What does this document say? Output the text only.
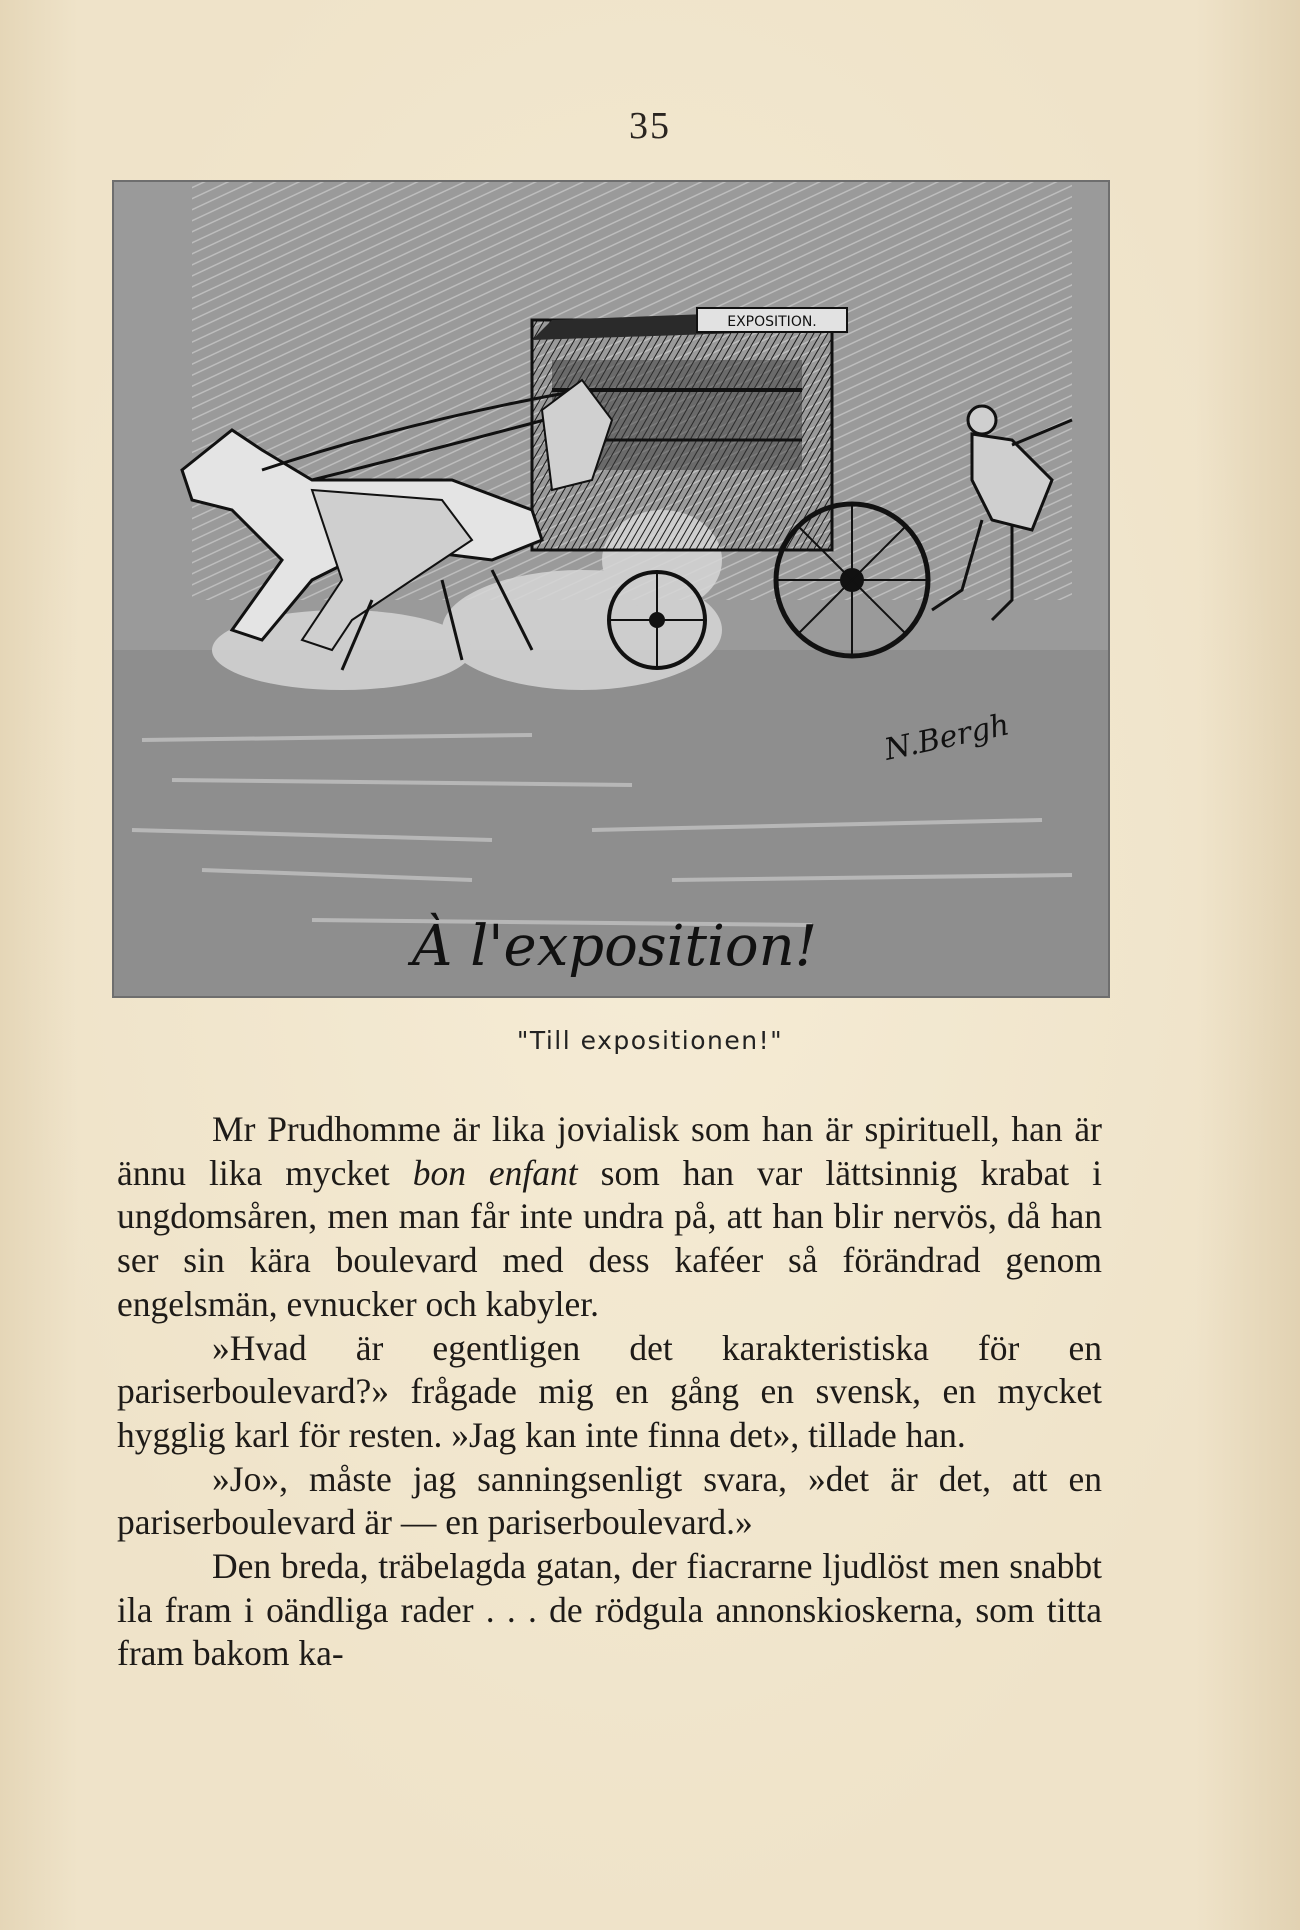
35
EXPOSITION.
N.Bergh
À l'exposition!
"Till expositionen!"

Mr Prudhomme är lika jovialisk som han är spirituell, han är ännu lika mycket bon enfant som han var lättsinnig krabat i ungdomsåren, men man får inte undra på, att han blir nervös, då han ser sin kära boulevard med dess kaféer så förändrad genom engelsmän, evnucker och kabyler.

»Hvad är egentligen det karakteristiska för en pariserboulevard?» frågade mig en gång en svensk, en mycket hygglig karl för resten. »Jag kan inte finna det», tillade han.

»Jo», måste jag sanningsenligt svara, »det är det, att en pariserboulevard är — en pariserboulevard.»

Den breda, träbelagda gatan, der fiacrarne ljudlöst men snabbt ila fram i oändliga rader . . . de rödgula annonskioskerna, som titta fram bakom ka-
